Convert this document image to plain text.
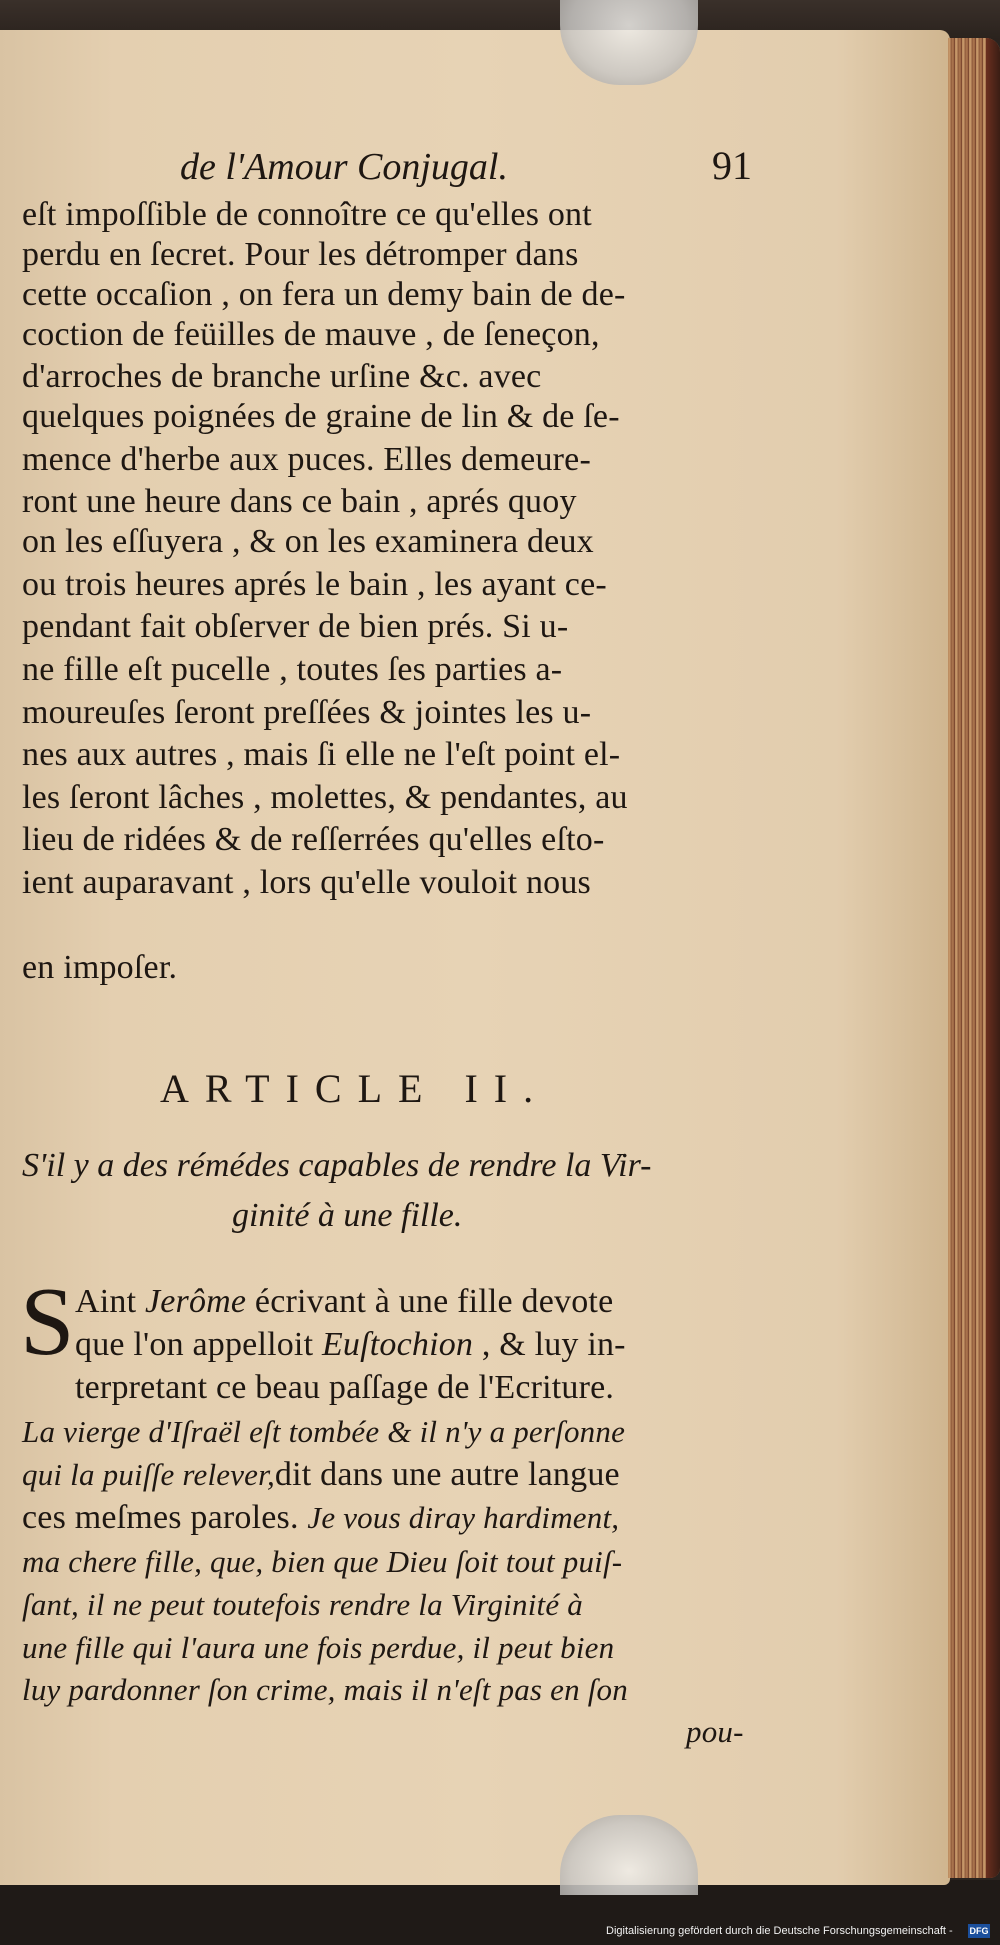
de l'Amour Conjugal.	91
eſt impoſſible de connoître ce qu'elles ont
perdu en ſecret. Pour les détromper dans
cette occaſion , on fera un demy bain de de-
coction de feüilles de mauve , de ſeneçon,
d'arroches de branche urſine &c. avec
quelques poignées de graine de lin & de ſe-
mence d'herbe aux puces. Elles demeure-
ront une heure dans ce bain , aprés quoy
on les eſſuyera , & on les examinera deux
ou trois heures aprés le bain , les ayant ce-
pendant fait obſerver de bien prés. Si u-
ne fille eſt pucelle , toutes ſes parties a-
moureuſes ſeront preſſées & jointes les u-
nes aux autres , mais ſi elle ne l'eſt point el-
les ſeront lâches , molettes, & pendantes, au
lieu de ridées & de reſſerrées qu'elles eſto-
ient auparavant , lors qu'elle vouloit nous
en impoſer.
ARTICLE II.
S'il y a des rémédes capables de rendre la Vir-
ginité à une fille.
S Aint Jerôme écrivant à une fille devote
que l'on appelloit Euſtochion , & luy in-
terpretant ce beau paſſage de l'Ecriture.
La vierge d'Iſraël eſt tombée & il n'y a perſonne
qui la puiſſe relever,dit dans une autre langue
ces meſmes paroles. Je vous diray hardiment,
ma chere fille, que, bien que Dieu ſoit tout puiſ-
ſant, il ne peut toutefois rendre la Virginité à
une fille qui l'aura une fois perdue, il peut bien
luy pardonner ſon crime, mais il n'eſt pas en ſon
pou-
Digitalisierung gefördert durch die Deutsche Forschungsgemeinschaft - DFG
